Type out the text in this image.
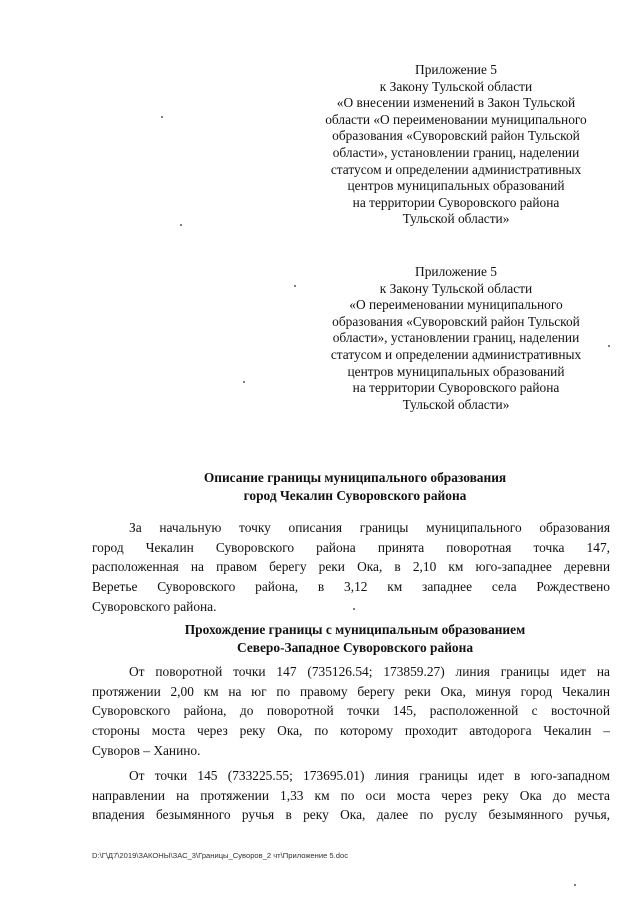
Приложение 5
к Закону Тульской области
«О внесении изменений в Закон Тульской
области «О переименовании муниципального
образования «Суворовский район Тульской
области», установлении границ, наделении
статусом и определении административных
центров муниципальных образований
на территории Суворовского района
Тульской области»
Приложение 5
к Закону Тульской области
«О переименовании муниципального
образования «Суворовский район Тульской
области», установлении границ, наделении
статусом и определении административных
центров муниципальных образований
на территории Суворовского района
Тульской области»
Описание границы муниципального образования
город Чекалин Суворовского района
За начальную точку описания границы муниципального образования
город Чекалин Суворовского района принята поворотная точка 147,
расположенная на правом берегу реки Ока, в 2,10 км юго-западнее деревни
Веретье Суворовского района, в 3,12 км западнее села Рождествено
Суворовского района.
Прохождение границы с муниципальным образованием
Северо-Западное Суворовского района
От поворотной точки 147 (735126.54; 173859.27) линия границы идет на
протяжении 2,00 км на юг по правому берегу реки Ока, минуя город Чекалин
Суворовского района, до поворотной точки 145, расположенной с восточной
стороны моста через реку Ока, по которому проходит автодорога Чекалин –
Суворов – Ханино.
От точки 145 (733225.55; 173695.01) линия границы идет в юго-западном
направлении на протяжении 1,33 км по оси моста через реку Ока до места
впадения безымянного ручья в реку Ока, далее по руслу безымянного ручья,
D:\Г\Д7\2019\ЗАКОНЫ\ЗАС_3\Границы_Суворов_2 чт\Приложение 5.doc
